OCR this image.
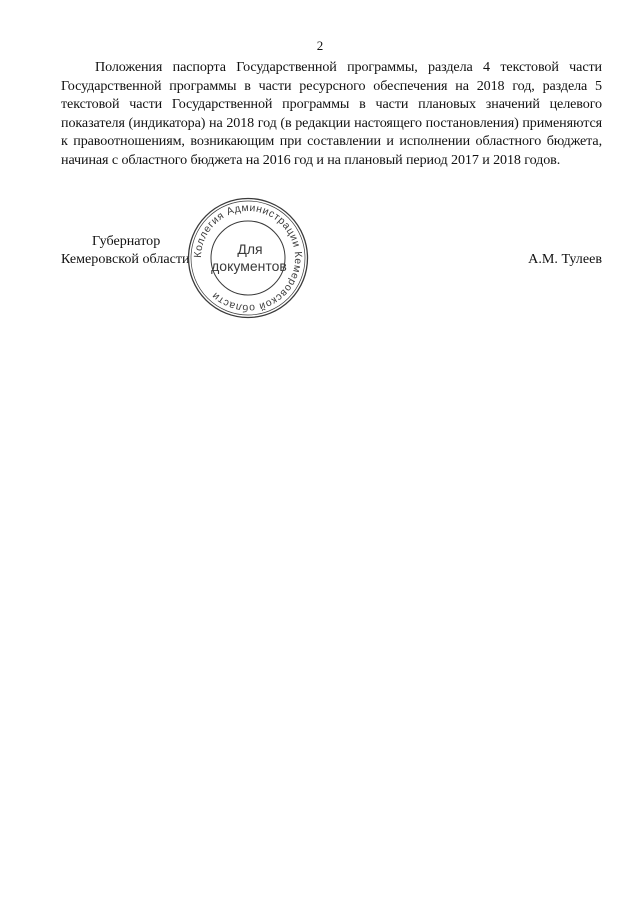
2

Положения паспорта Государственной программы, раздела 4 текстовой части Государственной программы в части ресурсного обеспечения на 2018 год, раздела 5 текстовой части Государственной программы в части плановых значений целевого показателя (индикатора) на 2018 год (в редакции настоящего постановления) применяются к правоотношениям, возникающим при составлении и исполнении областного бюджета, начиная с областного бюджета на 2016 год и на плановый период 2017 и 2018 годов.

Губернатор
Кемеровской области	А.М. Тулеев
Коллегия Администрации Кемеровской области
Для
документов
